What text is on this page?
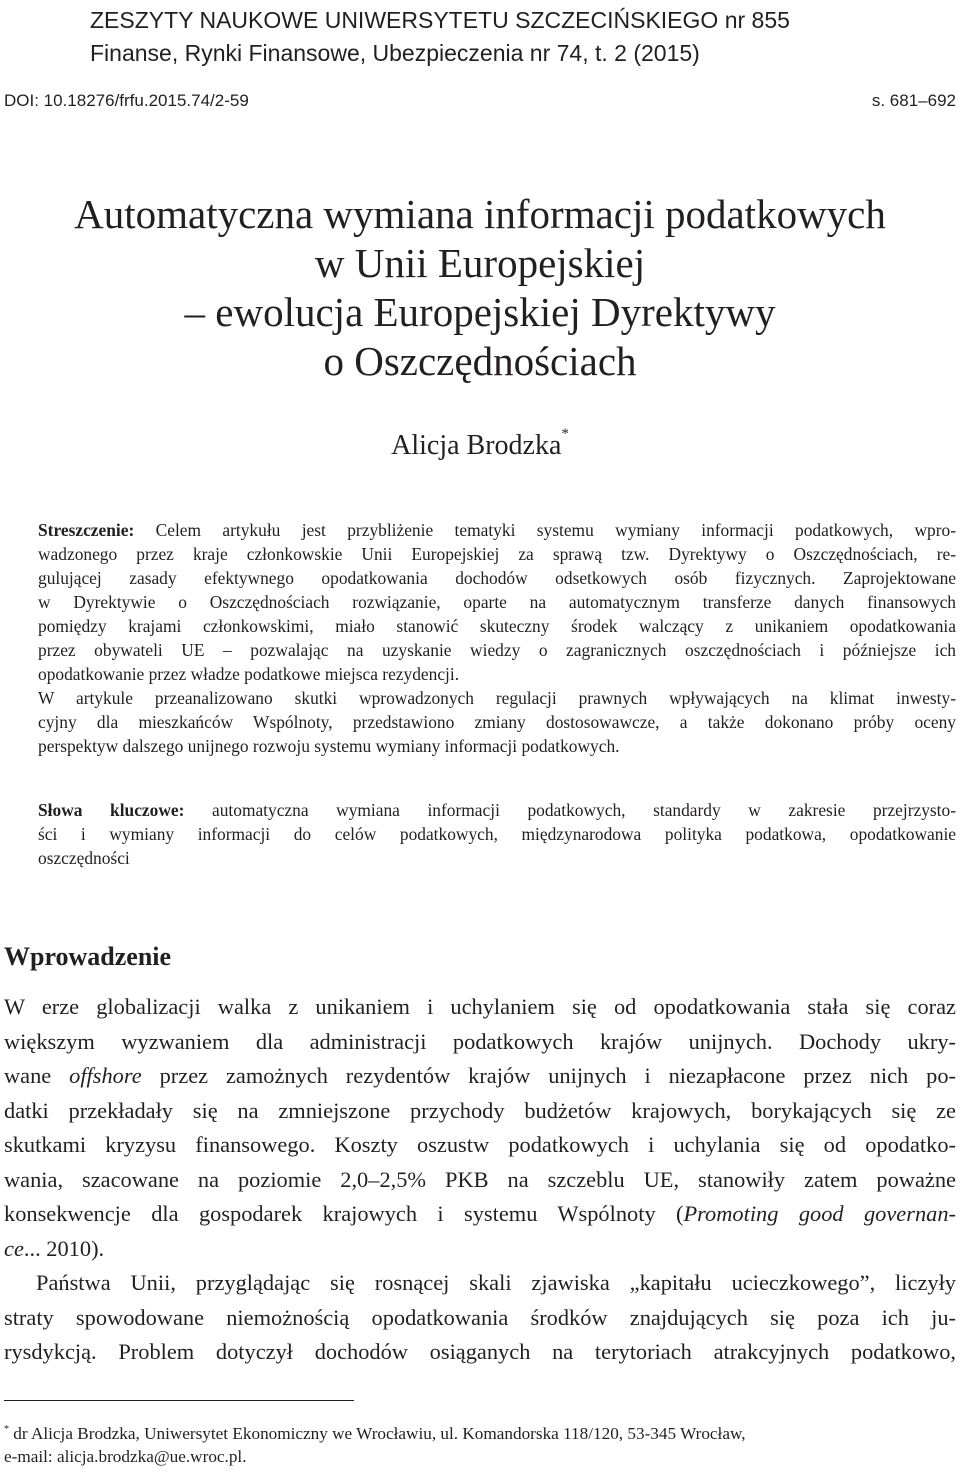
ZESZYTY NAUKOWE UNIWERSYTETU SZCZECIŃSKIEGO nr 855
Finanse, Rynki Finansowe, Ubezpieczenia nr 74, t. 2 (2015)
DOI: 10.18276/frfu.2015.74/2-59	s. 681–692
Automatyczna wymiana informacji podatkowych
w Unii Europejskiej
– ewolucja Europejskiej Dyrektywy
o Oszczędnościach
Alicja Brodzka*
Streszczenie: Celem artykułu jest przybliżenie tematyki systemu wymiany informacji podatkowych, wpro-
wadzonego przez kraje członkowskie Unii Europejskiej za sprawą tzw. Dyrektywy o Oszczędnościach, re-
gulującej zasady efektywnego opodatkowania dochodów odsetkowych osób fizycznych. Zaprojektowane
w Dyrektywie o Oszczędnościach rozwiązanie, oparte na automatycznym transferze danych finansowych
pomiędzy krajami członkowskimi, miało stanowić skuteczny środek walczący z unikaniem opodatkowania
przez obywateli UE – pozwalając na uzyskanie wiedzy o zagranicznych oszczędnościach i późniejsze ich
opodatkowanie przez władze podatkowe miejsca rezydencji.
W artykule przeanalizowano skutki wprowadzonych regulacji prawnych wpływających na klimat inwesty-
cyjny dla mieszkańców Wspólnoty, przedstawiono zmiany dostosowawcze, a także dokonano próby oceny
perspektyw dalszego unijnego rozwoju systemu wymiany informacji podatkowych.
Słowa kluczowe: automatyczna wymiana informacji podatkowych, standardy w zakresie przejrzysto-
ści i wymiany informacji do celów podatkowych, międzynarodowa polityka podatkowa, opodatkowanie
oszczędności
Wprowadzenie
W erze globalizacji walka z unikaniem i uchylaniem się od opodatkowania stała się coraz
większym wyzwaniem dla administracji podatkowych krajów unijnych. Dochody ukry-
wane offshore przez zamożnych rezydentów krajów unijnych i niezapłacone przez nich po-
datki przekładały się na zmniejszone przychody budżetów krajowych, borykających się ze
skutkami kryzysu finansowego. Koszty oszustw podatkowych i uchylania się od opodatko-
wania, szacowane na poziomie 2,0–2,5% PKB na szczeblu UE, stanowiły zatem poważne
konsekwencje dla gospodarek krajowych i systemu Wspólnoty (Promoting good governan-
ce... 2010).
Państwa Unii, przyglądając się rosnącej skali zjawiska „kapitału ucieczkowego”, liczyły
straty spowodowane niemożnością opodatkowania środków znajdujących się poza ich ju-
rysdykcją. Problem dotyczył dochodów osiąganych na terytoriach atrakcyjnych podatkowo,
* dr Alicja Brodzka, Uniwersytet Ekonomiczny we Wrocławiu, ul. Komandorska 118/120, 53-345 Wrocław,
e-mail: alicja.brodzka@ue.wroc.pl.
